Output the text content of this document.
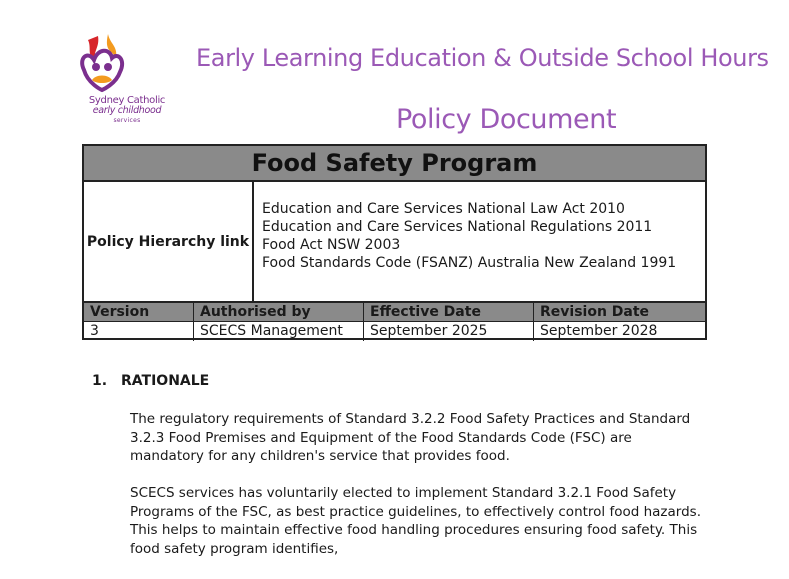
Sydney Catholic
early childhood
services
Early Learning Education & Outside School Hours
Policy Document
Food Safety Program
Policy Hierarchy link
Education and Care Services National Law Act 2010
Education and Care Services National Regulations 2011
Food Act NSW 2003
Food Standards Code (FSANZ) Australia New Zealand 1991
Version	Authorised by	Effective Date	Revision Date
3	SCECS Management	September 2025	September 2028
1. RATIONALE
The regulatory requirements of Standard 3.2.2 Food Safety Practices and Standard
3.2.3 Food Premises and Equipment of the Food Standards Code (FSC) are
mandatory for any children's service that provides food.
SCECS services has voluntarily elected to implement Standard 3.2.1 Food Safety
Programs of the FSC, as best practice guidelines, to effectively control food hazards.
This helps to maintain effective food handling procedures ensuring food safety. This
food safety program identifies,
